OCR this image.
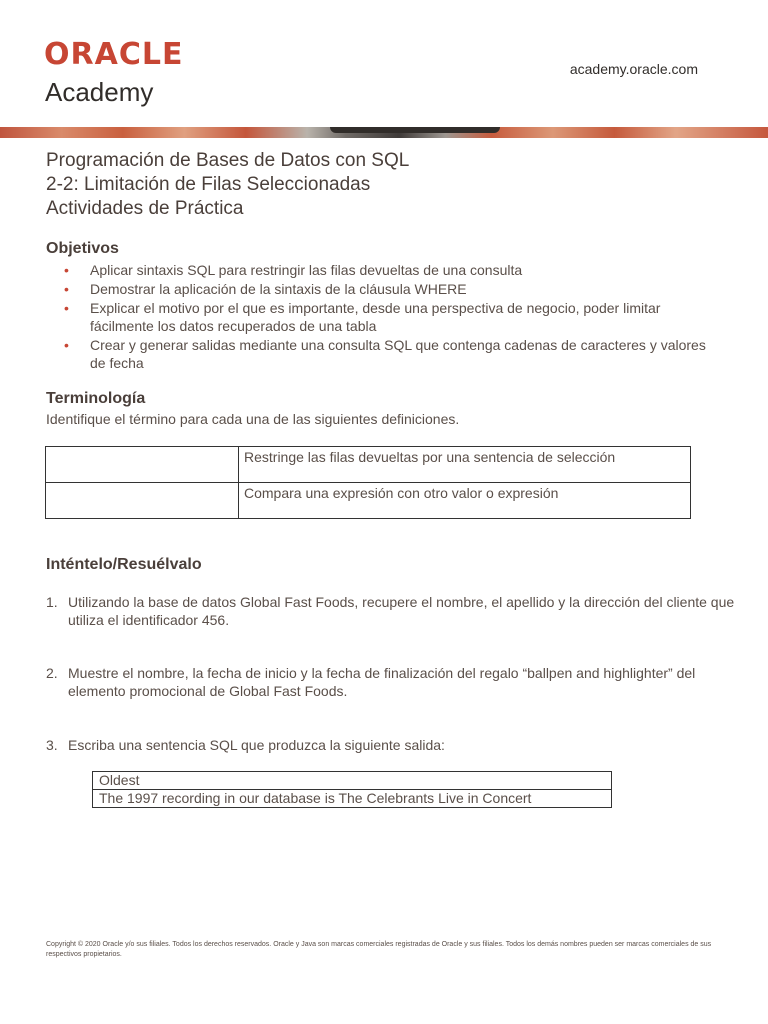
ORACLE
Academy
academy.oracle.com
Programación de Bases de Datos con SQL
2-2: Limitación de Filas Seleccionadas
Actividades de Práctica
Objetivos
• Aplicar sintaxis SQL para restringir las filas devueltas de una consulta
• Demostrar la aplicación de la sintaxis de la cláusula WHERE
• Explicar el motivo por el que es importante, desde una perspectiva de negocio, poder limitar fácilmente los datos recuperados de una tabla
• Crear y generar salidas mediante una consulta SQL que contenga cadenas de caracteres y valores de fecha
Terminología
Identifique el término para cada una de las siguientes definiciones.
	Restringe las filas devueltas por una sentencia de selección
	Compara una expresión con otro valor o expresión
Inténtelo/Resuélvalo
1. Utilizando la base de datos Global Fast Foods, recupere el nombre, el apellido y la dirección del cliente que utiliza el identificador 456.
2. Muestre el nombre, la fecha de inicio y la fecha de finalización del regalo “ballpen and highlighter” del elemento promocional de Global Fast Foods.
3. Escriba una sentencia SQL que produzca la siguiente salida:
Oldest
The 1997 recording in our database is The Celebrants Live in Concert
Copyright © 2020 Oracle y/o sus filiales. Todos los derechos reservados. Oracle y Java son marcas comerciales registradas de Oracle y sus filiales. Todos los demás nombres pueden ser marcas comerciales de sus respectivos propietarios.
